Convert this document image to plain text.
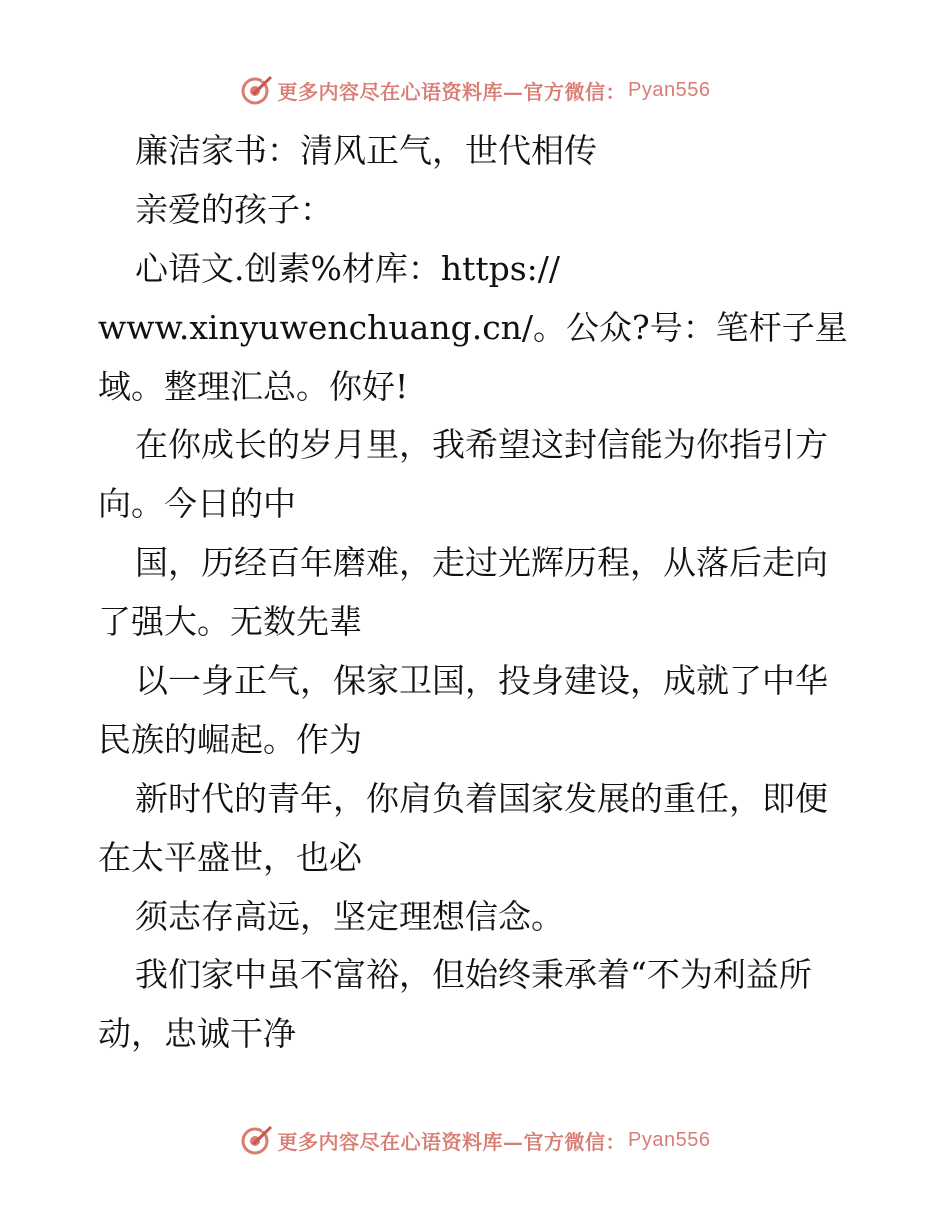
更多内容尽在心语资料库—官方微信： Pyan556
廉洁家书：清风正气，世代相传
亲爱的孩子：
心语文.创素%材库：https://
www.xinyuwenchuang.cn/。公众?号：笔杆子星
域。整理汇总。你好!
在你成长的岁月里，我希望这封信能为你指引方
向。今日的中
国，历经百年磨难，走过光辉历程，从落后走向
了强大。无数先辈
以一身正气，保家卫国，投身建设，成就了中华
民族的崛起。作为
新时代的青年，你肩负着国家发展的重任，即便
在太平盛世，也必
须志存高远，坚定理想信念。
我们家中虽不富裕，但始终秉承着“不为利益所
动，忠诚干净
更多内容尽在心语资料库—官方微信： Pyan556
